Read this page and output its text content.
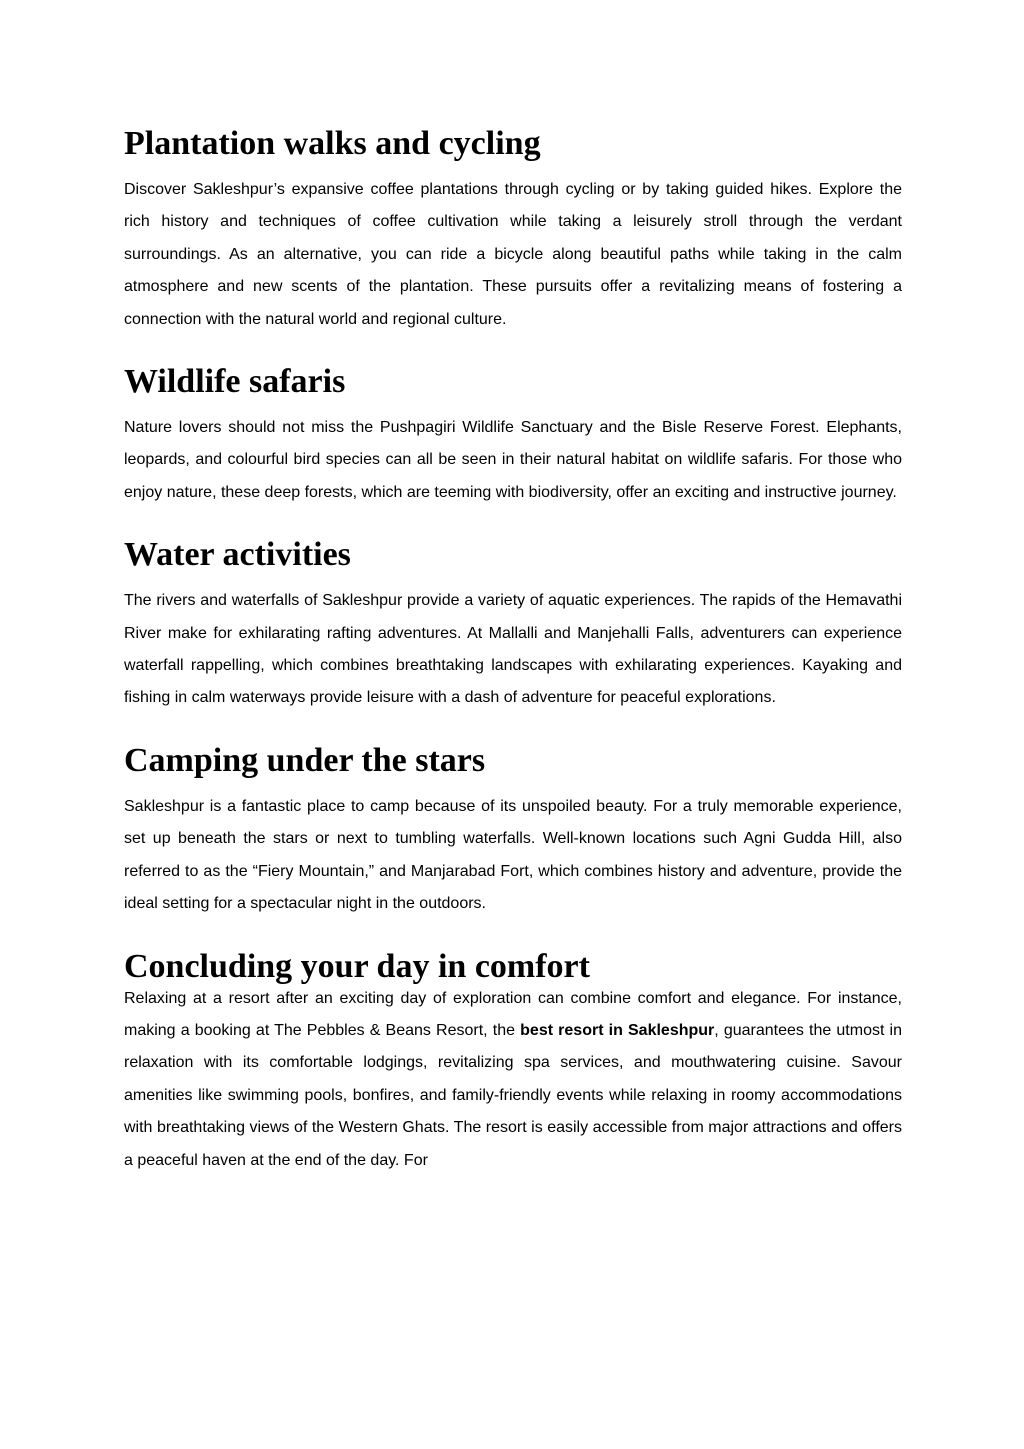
Plantation walks and cycling

Discover Sakleshpur’s expansive coffee plantations through cycling or by taking guided hikes. Explore the rich history and techniques of coffee cultivation while taking a leisurely stroll through the verdant surroundings. As an alternative, you can ride a bicycle along beautiful paths while taking in the calm atmosphere and new scents of the plantation. These pursuits offer a revitalizing means of fostering a connection with the natural world and regional culture.

Wildlife safaris

Nature lovers should not miss the Pushpagiri Wildlife Sanctuary and the Bisle Reserve Forest. Elephants, leopards, and colourful bird species can all be seen in their natural habitat on wildlife safaris. For those who enjoy nature, these deep forests, which are teeming with biodiversity, offer an exciting and instructive journey.

Water activities

The rivers and waterfalls of Sakleshpur provide a variety of aquatic experiences. The rapids of the Hemavathi River make for exhilarating rafting adventures. At Mallalli and Manjehalli Falls, adventurers can experience waterfall rappelling, which combines breathtaking landscapes with exhilarating experiences. Kayaking and fishing in calm waterways provide leisure with a dash of adventure for peaceful explorations.

Camping under the stars

Sakleshpur is a fantastic place to camp because of its unspoiled beauty. For a truly memorable experience, set up beneath the stars or next to tumbling waterfalls. Well-known locations such Agni Gudda Hill, also referred to as the “Fiery Mountain,” and Manjarabad Fort, which combines history and adventure, provide the ideal setting for a spectacular night in the outdoors.

Concluding your day in comfort

Relaxing at a resort after an exciting day of exploration can combine comfort and elegance. For instance, making a booking at The Pebbles & Beans Resort, the best resort in Sakleshpur, guarantees the utmost in relaxation with its comfortable lodgings, revitalizing spa services, and mouthwatering cuisine. Savour amenities like swimming pools, bonfires, and family-friendly events while relaxing in roomy accommodations with breathtaking views of the Western Ghats. The resort is easily accessible from major attractions and offers a peaceful haven at the end of the day. For
